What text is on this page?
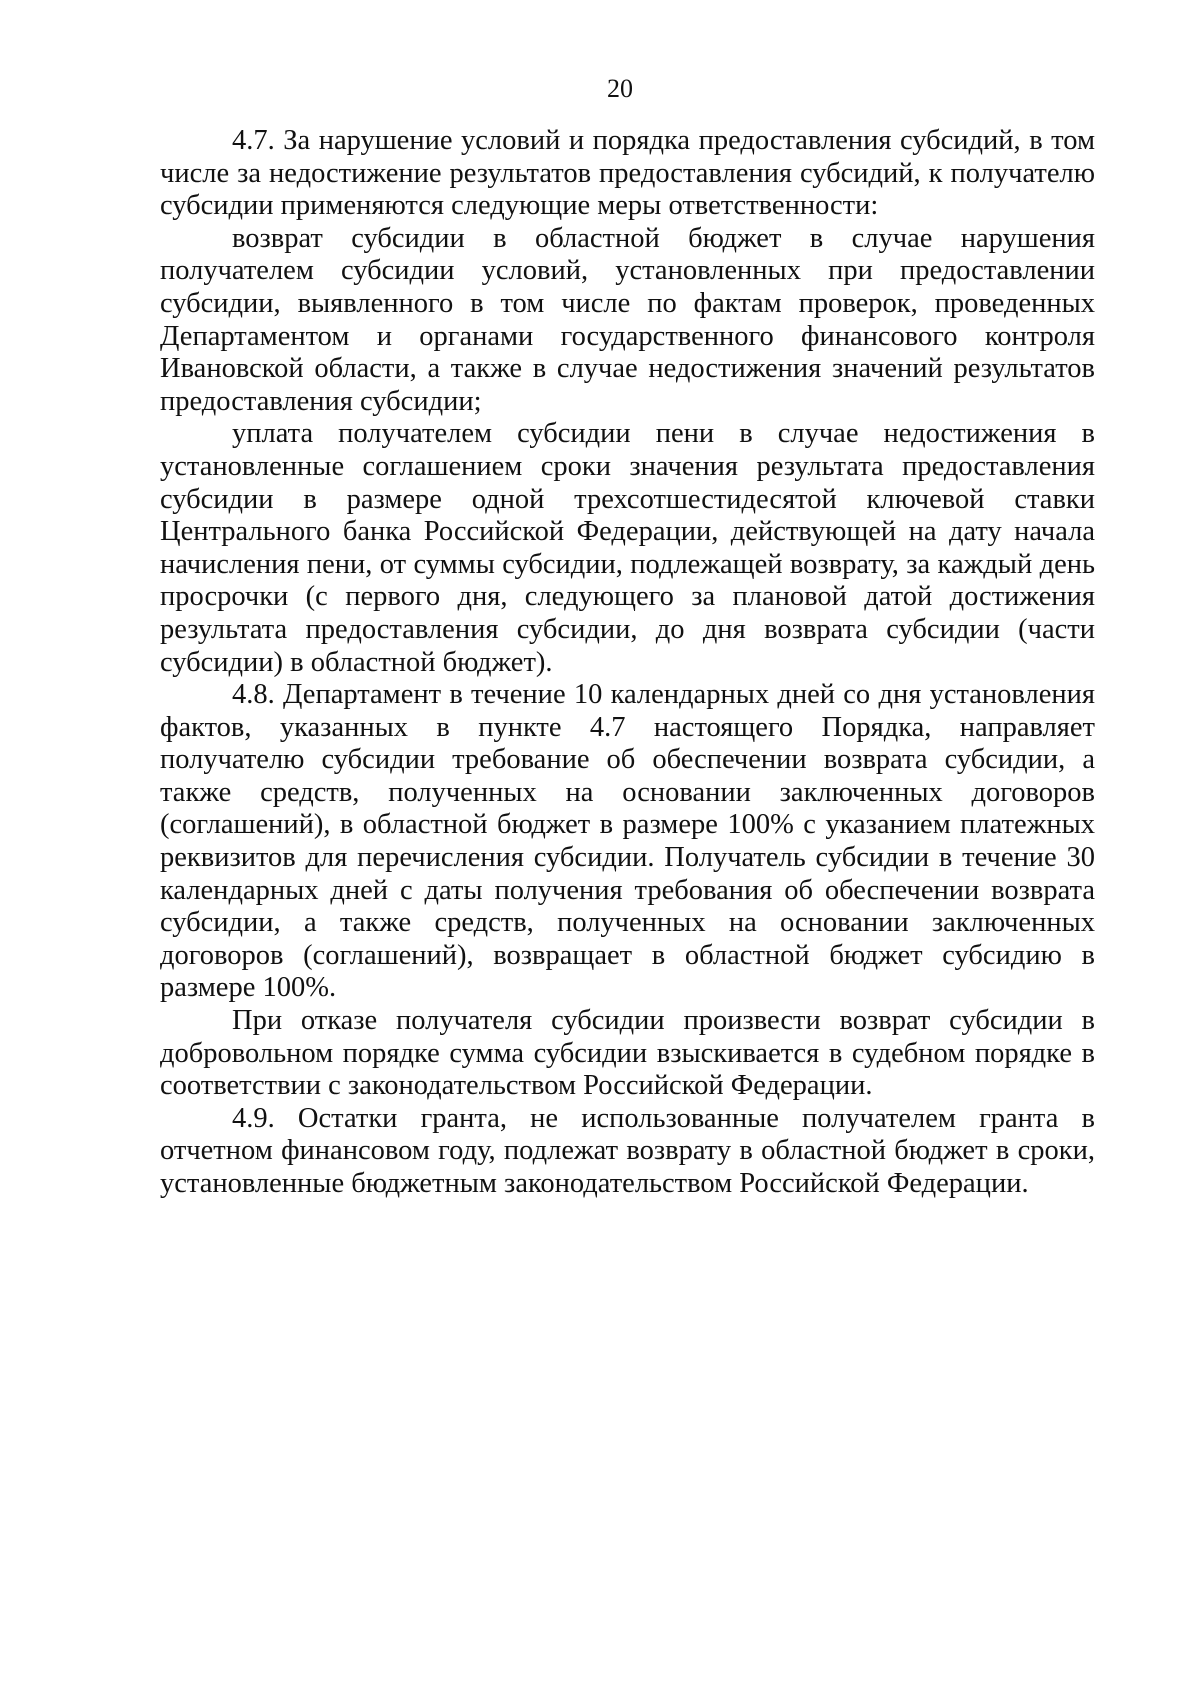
20

4.7. За нарушение условий и порядка предоставления субсидий, в том числе за недостижение результатов предоставления субсидий, к получателю субсидии применяются следующие меры ответственности:

возврат субсидии в областной бюджет в случае нарушения получателем субсидии условий, установленных при предоставлении субсидии, выявленного в том числе по фактам проверок, проведенных Департаментом и органами государственного финансового контроля Ивановской области, а также в случае недостижения значений результатов предоставления субсидии;

уплата получателем субсидии пени в случае недостижения в установленные соглашением сроки значения результата предоставления субсидии в размере одной трехсотшестидесятой ключевой ставки Центрального банка Российской Федерации, действующей на дату начала начисления пени, от суммы субсидии, подлежащей возврату, за каждый день просрочки (с первого дня, следующего за плановой датой достижения результата предоставления субсидии, до дня возврата субсидии (части субсидии) в областной бюджет).

4.8. Департамент в течение 10 календарных дней со дня установления фактов, указанных в пункте 4.7 настоящего Порядка, направляет получателю субсидии требование об обеспечении возврата субсидии, а также средств, полученных на основании заключенных договоров (соглашений), в областной бюджет в размере 100% с указанием платежных реквизитов для перечисления субсидии. Получатель субсидии в течение 30 календарных дней с даты получения требования об обеспечении возврата субсидии, а также средств, полученных на основании заключенных договоров (соглашений), возвращает в областной бюджет субсидию в размере 100%.

При отказе получателя субсидии произвести возврат субсидии в добровольном порядке сумма субсидии взыскивается в судебном порядке в соответствии с законодательством Российской Федерации.

4.9. Остатки гранта, не использованные получателем гранта в отчетном финансовом году, подлежат возврату в областной бюджет в сроки, установленные бюджетным законодательством Российской Федерации.
